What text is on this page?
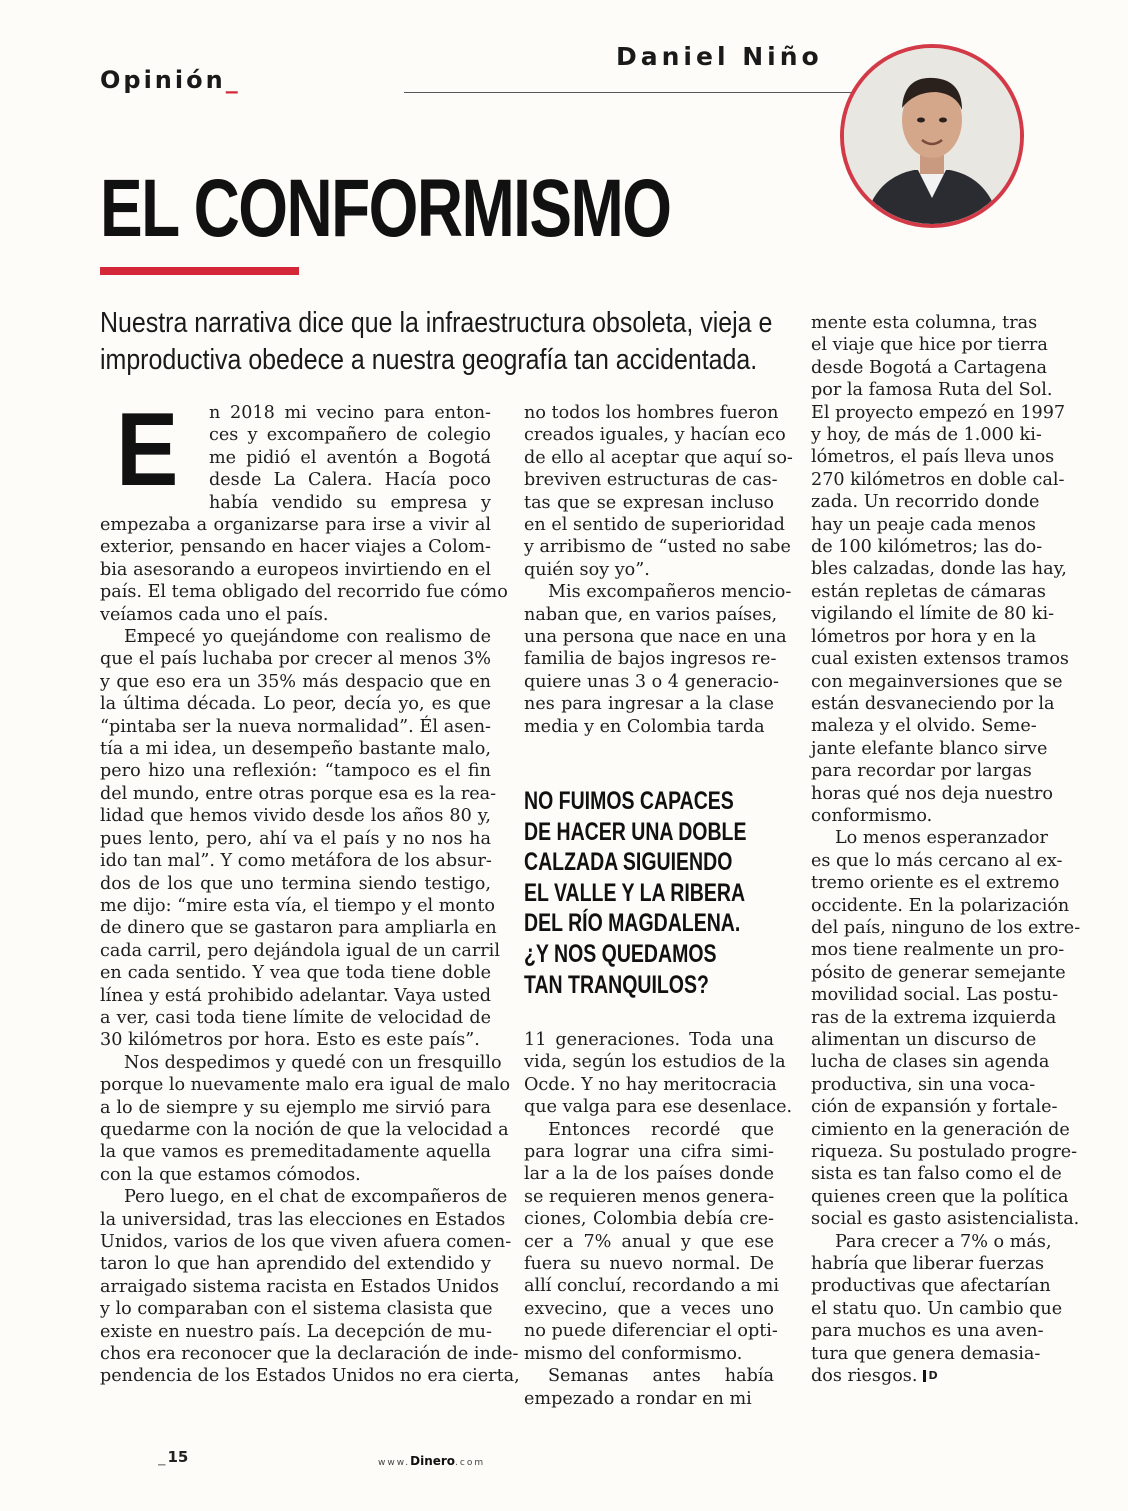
Opinión_
Daniel Niño
EL CONFORMISMO
Nuestra narrativa dice que la infraestructura obsoleta, vieja e
improductiva obedece a nuestra geografía tan accidentada.
E n 2018 mi vecino para enton-
ces y excompañero de colegio
me pidió el aventón a Bogotá
desde La Calera. Hacía poco
había vendido su empresa y
empezaba a organizarse para irse a vivir al
exterior, pensando en hacer viajes a Colom-
bia asesorando a europeos invirtiendo en el
país. El tema obligado del recorrido fue cómo
veíamos cada uno el país.
Empecé yo quejándome con realismo de
que el país luchaba por crecer al menos 3%
y que eso era un 35% más despacio que en
la última década. Lo peor, decía yo, es que
“pintaba ser la nueva normalidad”. Él asen-
tía a mi idea, un desempeño bastante malo,
pero hizo una reflexión: “tampoco es el fin
del mundo, entre otras porque esa es la rea-
lidad que hemos vivido desde los años 80 y,
pues lento, pero, ahí va el país y no nos ha
ido tan mal”. Y como metáfora de los absur-
dos de los que uno termina siendo testigo,
me dijo: “mire esta vía, el tiempo y el monto
de dinero que se gastaron para ampliarla en
cada carril, pero dejándola igual de un carril
en cada sentido. Y vea que toda tiene doble
línea y está prohibido adelantar. Vaya usted
a ver, casi toda tiene límite de velocidad de
30 kilómetros por hora. Esto es este país”.
Nos despedimos y quedé con un fresquillo
porque lo nuevamente malo era igual de malo
a lo de siempre y su ejemplo me sirvió para
quedarme con la noción de que la velocidad a
la que vamos es premeditadamente aquella
con la que estamos cómodos.
Pero luego, en el chat de excompañeros de
la universidad, tras las elecciones en Estados
Unidos, varios de los que viven afuera comen-
taron lo que han aprendido del extendido y
arraigado sistema racista en Estados Unidos
y lo comparaban con el sistema clasista que
existe en nuestro país. La decepción de mu-
chos era reconocer que la declaración de inde-
pendencia de los Estados Unidos no era cierta,
no todos los hombres fueron
creados iguales, y hacían eco
de ello al aceptar que aquí so-
breviven estructuras de cas-
tas que se expresan incluso
en el sentido de superioridad
y arribismo de “usted no sabe
quién soy yo”.
Mis excompañeros mencio-
naban que, en varios países,
una persona que nace en una
familia de bajos ingresos re-
quiere unas 3 o 4 generacio-
nes para ingresar a la clase
media y en Colombia tarda
NO FUIMOS CAPACES
DE HACER UNA DOBLE
CALZADA SIGUIENDO
EL VALLE Y LA RIBERA
DEL RÍO MAGDALENA.
¿Y NOS QUEDAMOS
TAN TRANQUILOS?
11 generaciones. Toda una
vida, según los estudios de la
Ocde. Y no hay meritocracia
que valga para ese desenlace.
Entonces recordé que
para lograr una cifra simi-
lar a la de los países donde
se requieren menos genera-
ciones, Colombia debía cre-
cer a 7% anual y que ese
fuera su nuevo normal. De
allí concluí, recordando a mi
exvecino, que a veces uno
no puede diferenciar el opti-
mismo del conformismo.
Semanas antes había
empezado a rondar en mi
mente esta columna, tras
el viaje que hice por tierra
desde Bogotá a Cartagena
por la famosa Ruta del Sol.
El proyecto empezó en 1997
y hoy, de más de 1.000 ki-
lómetros, el país lleva unos
270 kilómetros en doble cal-
zada. Un recorrido donde
hay un peaje cada menos
de 100 kilómetros; las do-
bles calzadas, donde las hay,
están repletas de cámaras
vigilando el límite de 80 ki-
lómetros por hora y en la
cual existen extensos tramos
con megainversiones que se
están desvaneciendo por la
maleza y el olvido. Seme-
jante elefante blanco sirve
para recordar por largas
horas qué nos deja nuestro
conformismo.
Lo menos esperanzador
es que lo más cercano al ex-
tremo oriente es el extremo
occidente. En la polarización
del país, ninguno de los extre-
mos tiene realmente un pro-
pósito de generar semejante
movilidad social. Las postu-
ras de la extrema izquierda
alimentan un discurso de
lucha de clases sin agenda
productiva, sin una voca-
ción de expansión y fortale-
cimiento en la generación de
riqueza. Su postulado progre-
sista es tan falso como el de
quienes creen que la política
social es gasto asistencialista.
Para crecer a 7% o más,
habría que liberar fuerzas
productivas que afectarían
el statu quo. Un cambio que
para muchos es una aven-
tura que genera demasia-
dos riesgos. D
_ 15	www.Dinero.com
